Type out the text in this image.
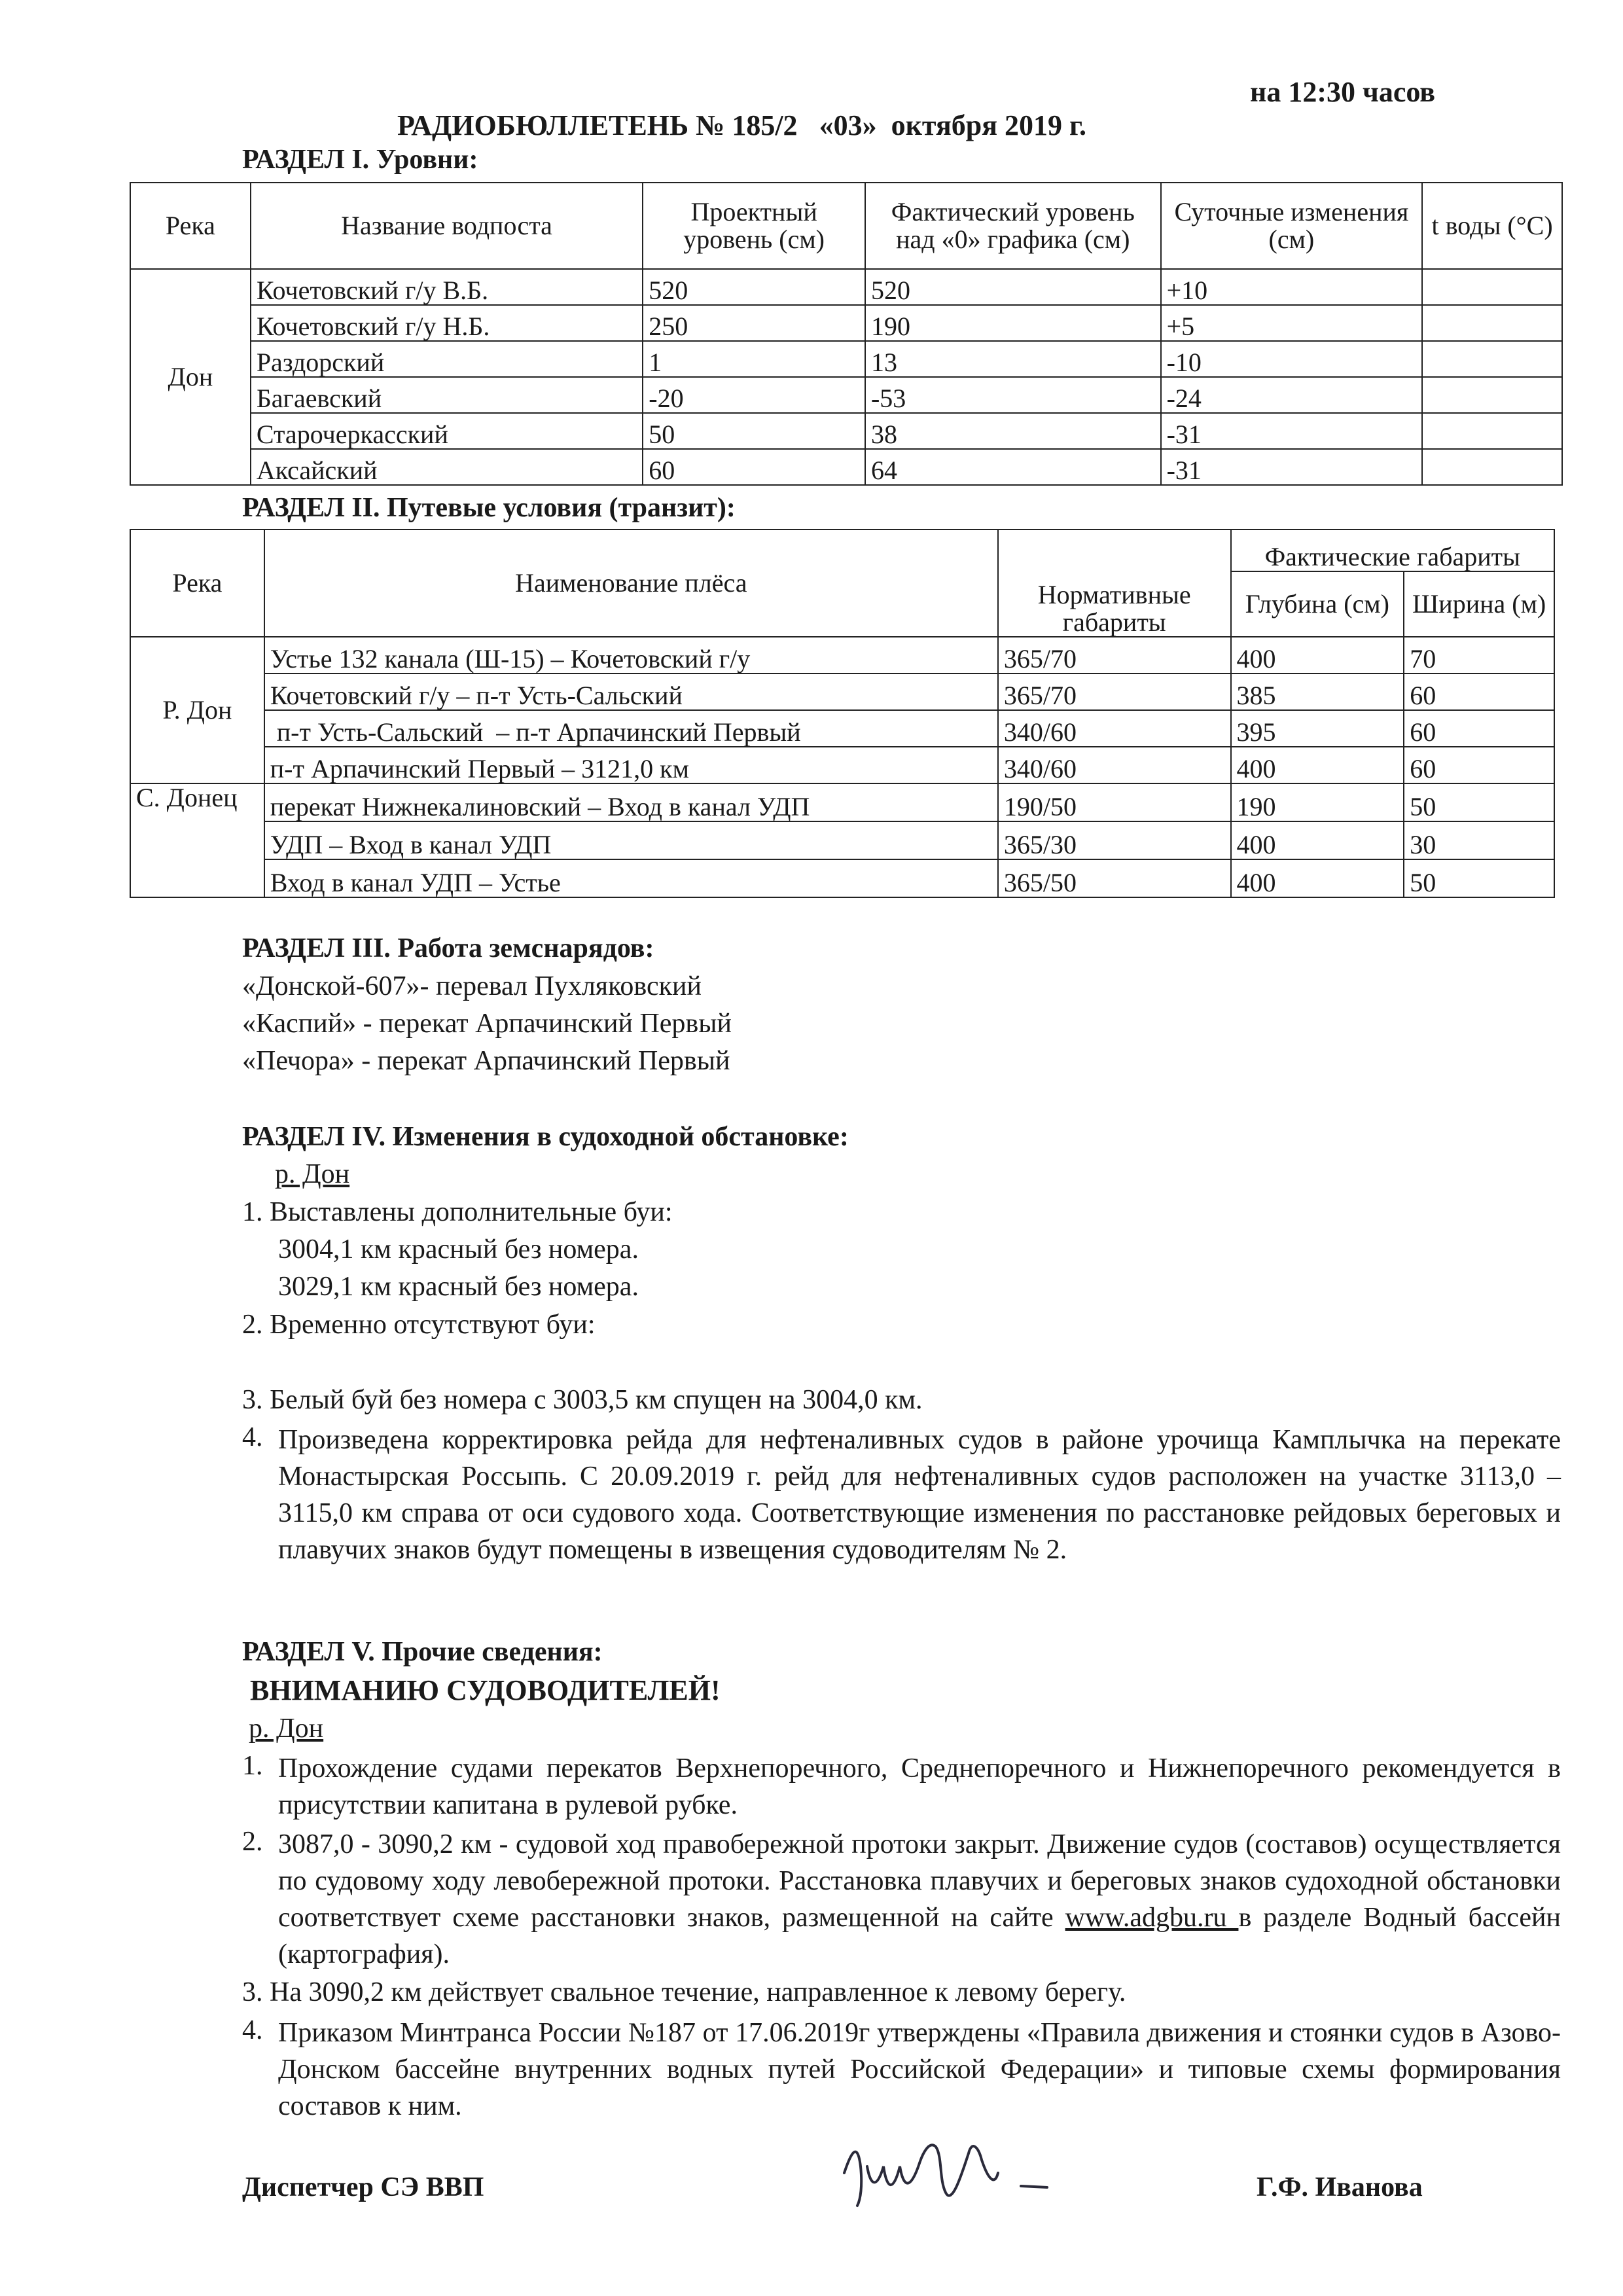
РАДИОБЮЛЛЕТЕНЬ № 185/2 «03»  октября 2019 г.

на 12:30 часов
РАЗДЕЛ I. Уровни:
Река	Название водпоста	Проектный уровень (см)	Фактический уровень над «0» графика (см)	Суточные изменения (см)	t воды (°C)
Дон	Кочетовский г/у В.Б.	520	520	+10	
	Кочетовский г/у Н.Б.	250	190	+5	
	Раздорский	1	13	-10	
	Багаевский	-20	-53	-24	
	Старочеркасский	50	38	-31	
	Аксайский	60	64	-31	
РАЗДЕЛ II. Путевые условия (транзит):
Река	Наименование плёса	Нормативные габариты	Фактические габариты	
			Глубина (см)	Ширина (м)
Р. Дон	Устье 132 канала (Ш-15) – Кочетовский г/у	365/70	400	70
	Кочетовский г/у – п-т Усть-Сальский	365/70	385	60
	п-т Усть-Сальский  – п-т Арпачинский Первый	340/60	395	60
	п-т Арпачинский Первый – 3121,0 км	340/60	400	60
С. Донец	перекат Нижнекалиновский – Вход в канал УДП	190/50	190	50
	УДП – Вход в канал УДП	365/30	400	30
	Вход в канал УДП – Устье	365/50	400	50
РАЗДЕЛ III. Работа земснарядов:
«Донской-607»- перевал Пухляковский
«Каспий» - перекат Арпачинский Первый
«Печора» - перекат Арпачинский Первый
РАЗДЕЛ IV. Изменения в судоходной обстановке:
р. Дон
1. Выставлены дополнительные буи:
3004,1 км красный без номера.
3029,1 км красный без номера.
2. Временно отсутствуют буи:
3. Белый буй без номера с 3003,5 км спущен на 3004,0 км.
4. Произведена корректировка рейда для нефтеналивных судов в районе урочища Камплычка на перекате Монастырская Россыпь. С 20.09.2019 г. рейд для нефтеналивных судов расположен на участке 3113,0 – 3115,0 км справа от оси судового хода. Соответствующие изменения по расстановке рейдовых береговых и плавучих знаков будут помещены в извещения судоводителям № 2.
РАЗДЕЛ V. Прочие сведения:
ВНИМАНИЮ СУДОВОДИТЕЛЕЙ!
р. Дон
1. Прохождение судами перекатов Верхнепоречного, Среднепоречного и Нижнепоречного рекомендуется в присутствии капитана в рулевой рубке.
2. 3087,0 - 3090,2 км - судовой ход правобережной протоки закрыт. Движение судов (составов) осуществляется по судовому ходу левобережной протоки. Расстановка плавучих и береговых знаков судоходной обстановки соответствует схеме расстановки знаков, размещенной на сайте www.adgbu.ru в разделе Водный бассейн (картография).
3. На 3090,2 км действует свальное течение, направленное к левому берегу.
4. Приказом Минтранса России №187 от 17.06.2019г утверждены «Правила движения и стоянки судов в Азово-Донском бассейне внутренних водных путей Российской Федерации» и типовые схемы формирования составов к ним.
Диспетчер СЭ ВВП	Г.Ф. Иванова
